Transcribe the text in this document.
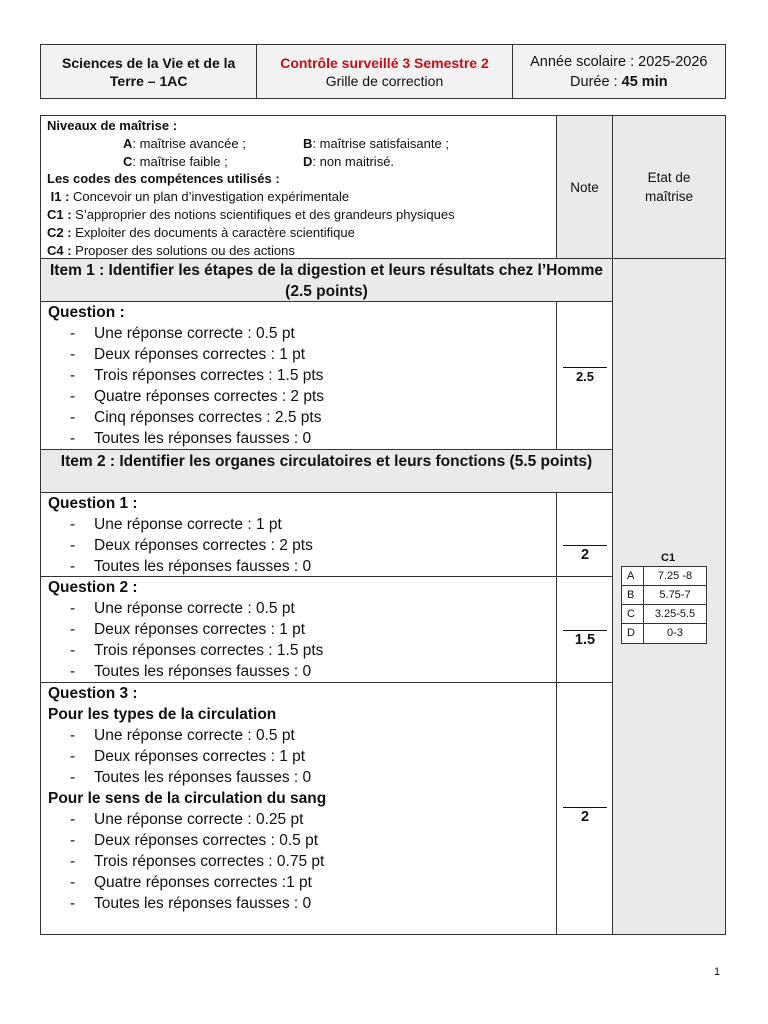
Sciences de la Vie et de la Terre – 1AC
Contrôle surveillé 3 Semestre 2
Grille de correction
Année scolaire : 2025-2026
Durée : 45 min
Niveaux de maîtrise :
A: maîtrise avancée ;	B: maîtrise satisfaisante ;
C: maîtrise faible ;	D: non maitrisé.
Les codes des compétences utilisés :
I1 : Concevoir un plan d’investigation expérimentale
C1 : S’approprier des notions scientifiques et des grandeurs physiques
C2 : Exploiter des documents à caractère scientifique
C4 : Proposer des solutions ou des actions
Note
Etat de maîtrise
C1
A	7.25 -8
B	5.75-7
C	3.25-5.5
D	0-3
Item 1 : Identifier les étapes de la digestion et leurs résultats chez l’Homme (2.5 points)
Question :
-	Une réponse correcte : 0.5 pt
-	Deux réponses correctes : 1 pt
-	Trois réponses correctes : 1.5 pts
-	Quatre réponses correctes : 2 pts
-	Cinq réponses correctes : 2.5 pts
-	Toutes les réponses fausses : 0
2.5
Item 2 : Identifier les organes circulatoires et leurs fonctions (5.5 points)
Question 1 :
-	Une réponse correcte : 1 pt
-	Deux réponses correctes : 2 pts
-	Toutes les réponses fausses : 0
2
Question 2 :
-	Une réponse correcte : 0.5 pt
-	Deux réponses correctes : 1 pt
-	Trois réponses correctes : 1.5 pts
-	Toutes les réponses fausses : 0
1.5
Question 3 :
Pour les types de la circulation
-	Une réponse correcte : 0.5 pt
-	Deux réponses correctes : 1 pt
-	Toutes les réponses fausses : 0
Pour le sens de la circulation du sang
-	Une réponse correcte : 0.25 pt
-	Deux réponses correctes : 0.5 pt
-	Trois réponses correctes : 0.75 pt
-	Quatre réponses correctes :1 pt
-	Toutes les réponses fausses : 0
2
1
